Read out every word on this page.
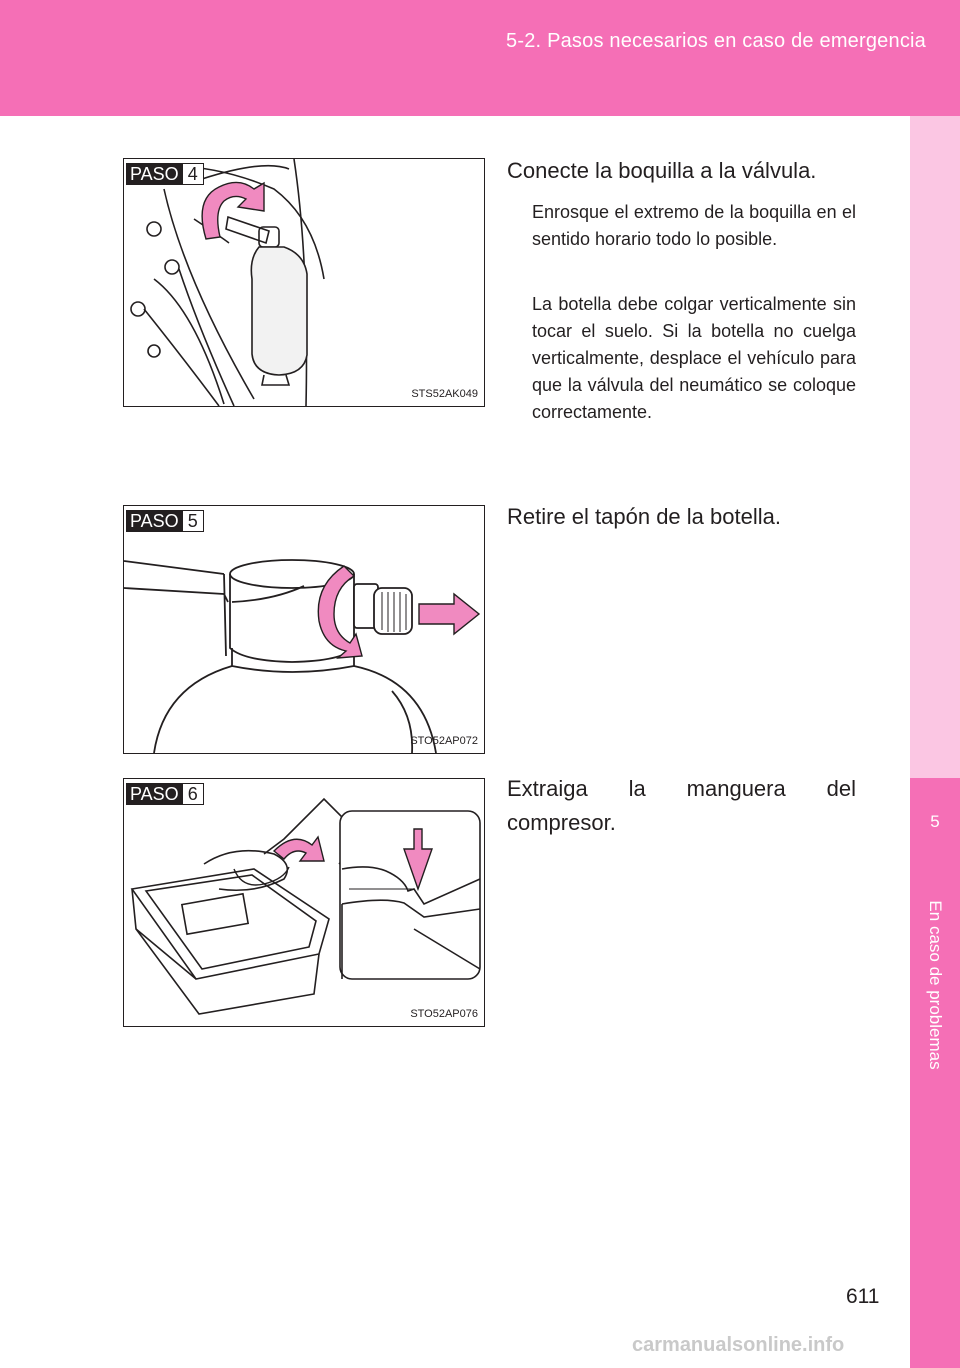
5-2. Pasos necesarios en caso de emergencia
5
En caso de problemas
PASO 4
STS52AK049
Conecte la boquilla a la válvula.

Enrosque el extremo de la boquilla en el sentido horario todo lo posible.

La botella debe colgar verticalmente sin tocar el suelo. Si la botella no cuelga verticalmente, desplace el vehículo para que la válvula del neumático se coloque correctamente.

PASO 5
STO52AP072
Retire el tapón de la botella.
PASO 6
STO52AP076
Extraiga la manguera del compresor.
611
carmanualsonline.info
